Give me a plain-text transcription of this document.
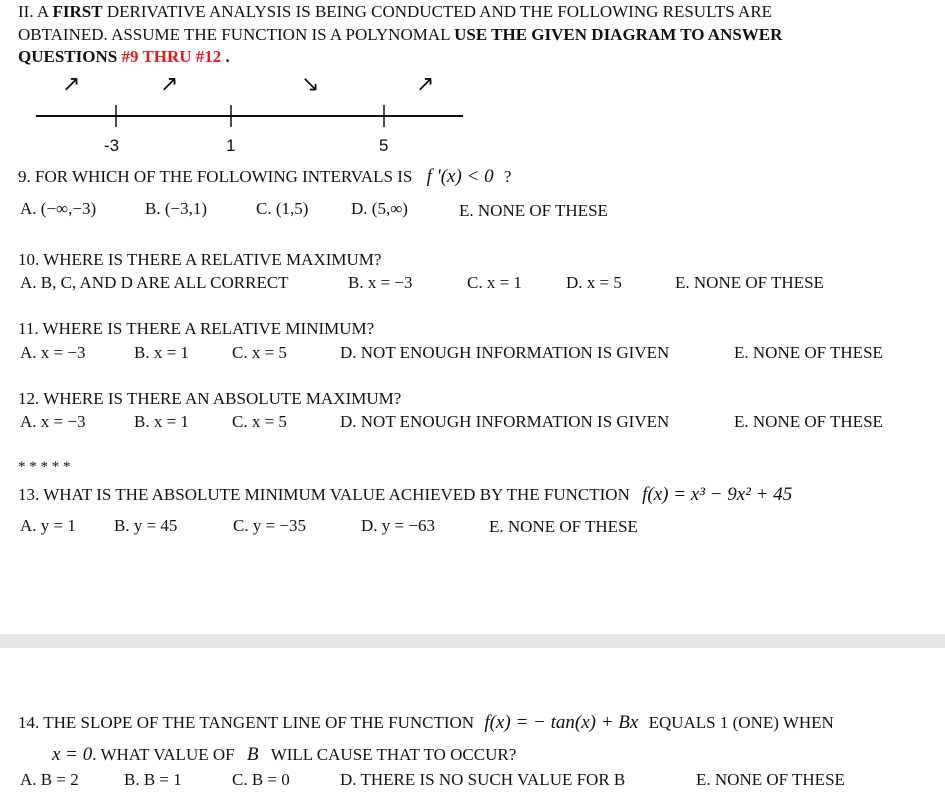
II. A FIRST DERIVATIVE ANALYSIS IS BEING CONDUCTED AND THE FOLLOWING RESULTS ARE
OBTAINED. ASSUME THE FUNCTION IS A POLYNOMAL USE THE GIVEN DIAGRAM TO ANSWER
QUESTIONS #9 THRU #12 .
↗	↗	↘	↗
-3	1	5
9. FOR WHICH OF THE FOLLOWING INTERVALS IS f '(x) < 0 ?
A. (−∞,−3)	B. (−3,1)	C. (1,5)	D. (5,∞)	E. NONE OF THESE
10. WHERE IS THERE A RELATIVE MAXIMUM?
A. B, C, AND D ARE ALL CORRECT	B. x = −3	C. x = 1	D. x = 5	E. NONE OF THESE
11. WHERE IS THERE A RELATIVE MINIMUM?
A. x = −3	B. x = 1	C. x = 5	D. NOT ENOUGH INFORMATION IS GIVEN	E. NONE OF THESE
12. WHERE IS THERE AN ABSOLUTE MAXIMUM?
A. x = −3	B. x = 1	C. x = 5	D. NOT ENOUGH INFORMATION IS GIVEN	E. NONE OF THESE
* * * * *
13. WHAT IS THE ABSOLUTE MINIMUM VALUE ACHIEVED BY THE FUNCTION f(x) = x³ − 9x² + 45
A. y = 1 B. y = 45	C. y = −35	D. y = −63	E. NONE OF THESE
14. THE SLOPE OF THE TANGENT LINE OF THE FUNCTION f(x) = − tan(x) + Bx EQUALS 1 (ONE) WHEN
x = 0. WHAT VALUE OF B WILL CAUSE THAT TO OCCUR?
A. B = 2	B. B = 1	C. B = 0	D. THERE IS NO SUCH VALUE FOR B	E. NONE OF THESE
